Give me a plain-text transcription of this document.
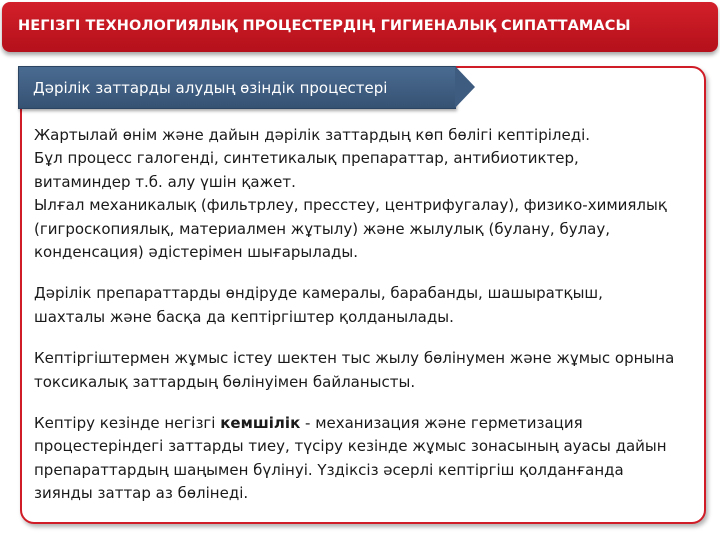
НЕГІЗГІ ТЕХНОЛОГИЯЛЫҚ ПРОЦЕСТЕРДІҢ ГИГИЕНАЛЫҚ СИПАТТАМАСЫ
Дәрілік заттарды алудың өзіндік процестері

Жартылай өнім және дайын дәрілік заттардың көп бөлігі кептіріледі.
Бұл процесс галогенді, синтетикалық препараттар, антибиотиктер,
витаминдер т.б. алу үшін қажет.
Ылғал механикалық (фильтрлеу, пресстеу, центрифугалау), физико-химиялық
(гигроскопиялық, материалмен жұтылу) және жылулық (булану, булау,
конденсация) әдістерімен шығарылады.

Дәрілік препараттарды өндіруде камералы, барабанды, шашыратқыш,
шахталы және басқа да кептіргіштер қолданылады.

Кептіргіштермен жұмыс істеу шектен тыс жылу бөлінумен және жұмыс орнына
токсикалық заттардың бөлінуімен байланысты.

Кептіру кезінде негізгі кемшілік - механизация және герметизация
процестеріндегі заттарды тиеу, түсіру кезінде жұмыс зонасының ауасы дайын
препараттардың шаңымен бүлінуі. Үздіксіз әсерлі кептіргіш қолданғанда
зиянды заттар аз бөлінеді.
